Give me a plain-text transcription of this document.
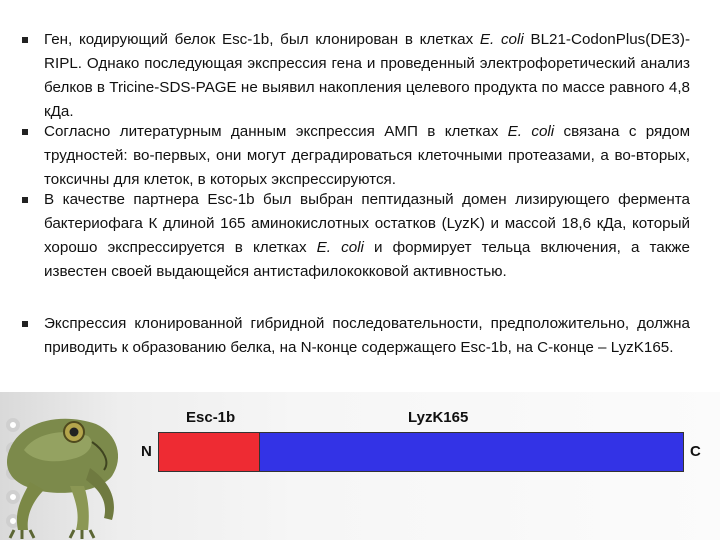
Ген, кодирующий белок Esc-1b, был клонирован в клетках E. coli BL21-CodonPlus(DE3)-RIPL. Однако последующая экспрессия гена и проведенный электрофоретический анализ белков в Tricine-SDS-PAGE не выявил накопления целевого продукта по массе равного 4,8 кДа.
Согласно литературным данным экспрессия АМП в клетках E. coli связана с рядом трудностей: во-первых, они могут деградироваться клеточными протеазами, а во-вторых, токсичны для клеток, в которых экспрессируются.
В качестве партнера Esc-1b был выбран пептидазный домен лизирующего фермента бактериофага К длиной 165 аминокислотных остатков (LyzK) и массой 18,6 кДа, который хорошо экспрессируется в клетках E. coli и формирует тельца включения, а также известен своей выдающейся антистафилококковой активностью.
Экспрессия клонированной гибридной последовательности, предположительно, должна приводить к образованию белка, на N-конце содержащего Esc-1b, на С-конце – LyzK165.
Esc-1b	LyzK165
N	C
